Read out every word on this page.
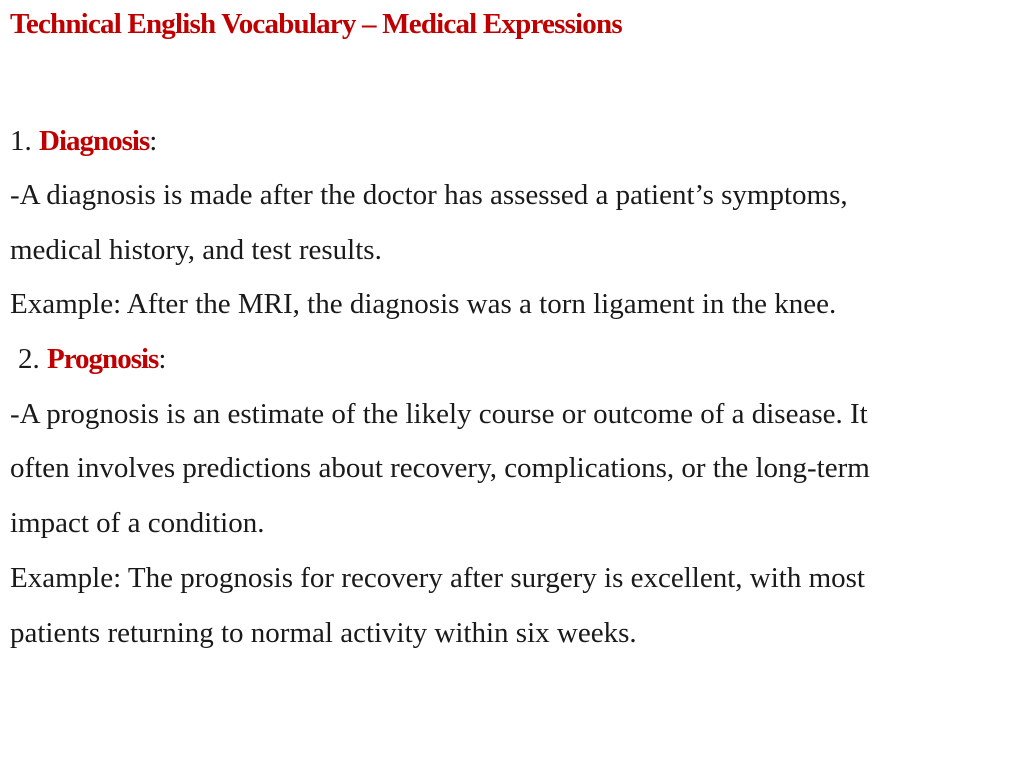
Technical English Vocabulary – Medical Expressions
1. Diagnosis:
-A diagnosis is made after the doctor has assessed a patient’s symptoms,
medical history, and test results.
Example: After the MRI, the diagnosis was a torn ligament in the knee.
2. Prognosis:
-A prognosis is an estimate of the likely course or outcome of a disease. It
often involves predictions about recovery, complications, or the long-term
impact of a condition.
Example: The prognosis for recovery after surgery is excellent, with most
patients returning to normal activity within six weeks.
